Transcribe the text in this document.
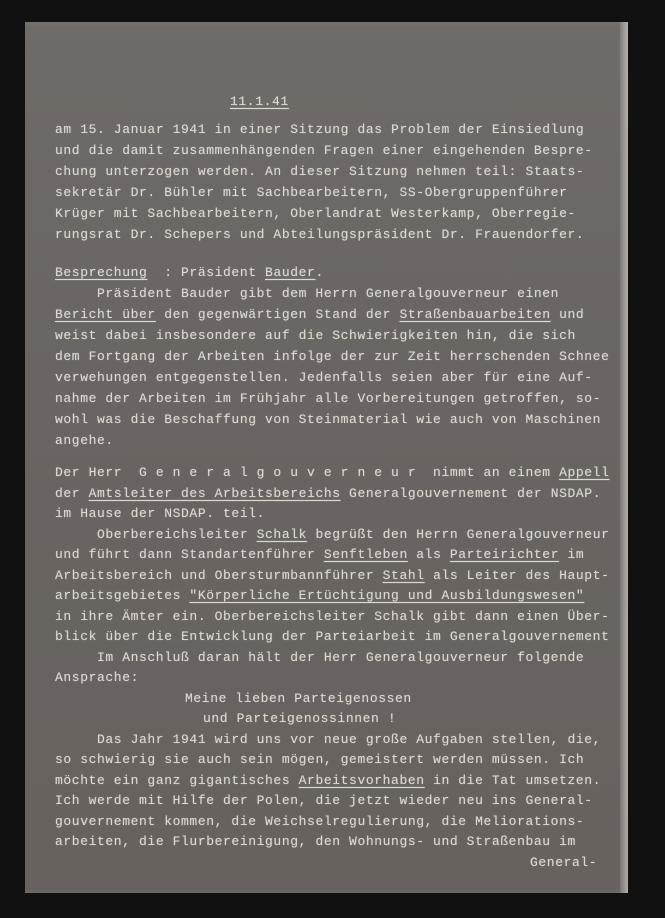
11.1.41
am 15. Januar 1941 in einer Sitzung das Problem der Einsiedlung
und die damit zusammenhängenden Fragen einer eingehenden Bespre-
chung unterzogen werden. An dieser Sitzung nehmen teil: Staats-
sekretär Dr. Bühler mit Sachbearbeitern, SS-Obergruppenführer
Krüger mit Sachbearbeitern, Oberlandrat Westerkamp, Oberregie-
rungsrat Dr. Schepers und Abteilungspräsident Dr. Frauendorfer.
Besprechung  : Präsident Bauder.
Präsident Bauder gibt dem Herrn Generalgouverneur einen
Bericht über den gegenwärtigen Stand der Straßenbauarbeiten und
weist dabei insbesondere auf die Schwierigkeiten hin, die sich
dem Fortgang der Arbeiten infolge der zur Zeit herrschenden Schnee
verwehungen entgegenstellen. Jedenfalls seien aber für eine Auf-
nahme der Arbeiten im Frühjahr alle Vorbereitungen getroffen, so-
wohl was die Beschaffung von Steinmaterial wie auch von Maschinen
angehe.
Der Herr  G e n e r a l g o u v e r n e u r  nimmt an einem Appell
der Amtsleiter des Arbeitsbereichs Generalgouvernement der NSDAP.
im Hause der NSDAP. teil.
Oberbereichsleiter Schalk begrüßt den Herrn Generalgouverneur
und führt dann Standartenführer Senftleben als Parteirichter im
Arbeitsbereich und Obersturmbannführer Stahl als Leiter des Haupt-
arbeitsgebietes "Körperliche Ertüchtigung und Ausbildungswesen"
in ihre Ämter ein. Oberbereichsleiter Schalk gibt dann einen Über-
blick über die Entwicklung der Parteiarbeit im Generalgouvernement
Im Anschluß daran hält der Herr Generalgouverneur folgende
Ansprache:
Meine lieben Parteigenossen
und Parteigenossinnen !
Das Jahr 1941 wird uns vor neue große Aufgaben stellen, die,
so schwierig sie auch sein mögen, gemeistert werden müssen. Ich
möchte ein ganz gigantisches Arbeitsvorhaben in die Tat umsetzen.
Ich werde mit Hilfe der Polen, die jetzt wieder neu ins General-
gouvernement kommen, die Weichselregulierung, die Meliorations-
arbeiten, die Flurbereinigung, den Wohnungs- und Straßenbau im
General-
